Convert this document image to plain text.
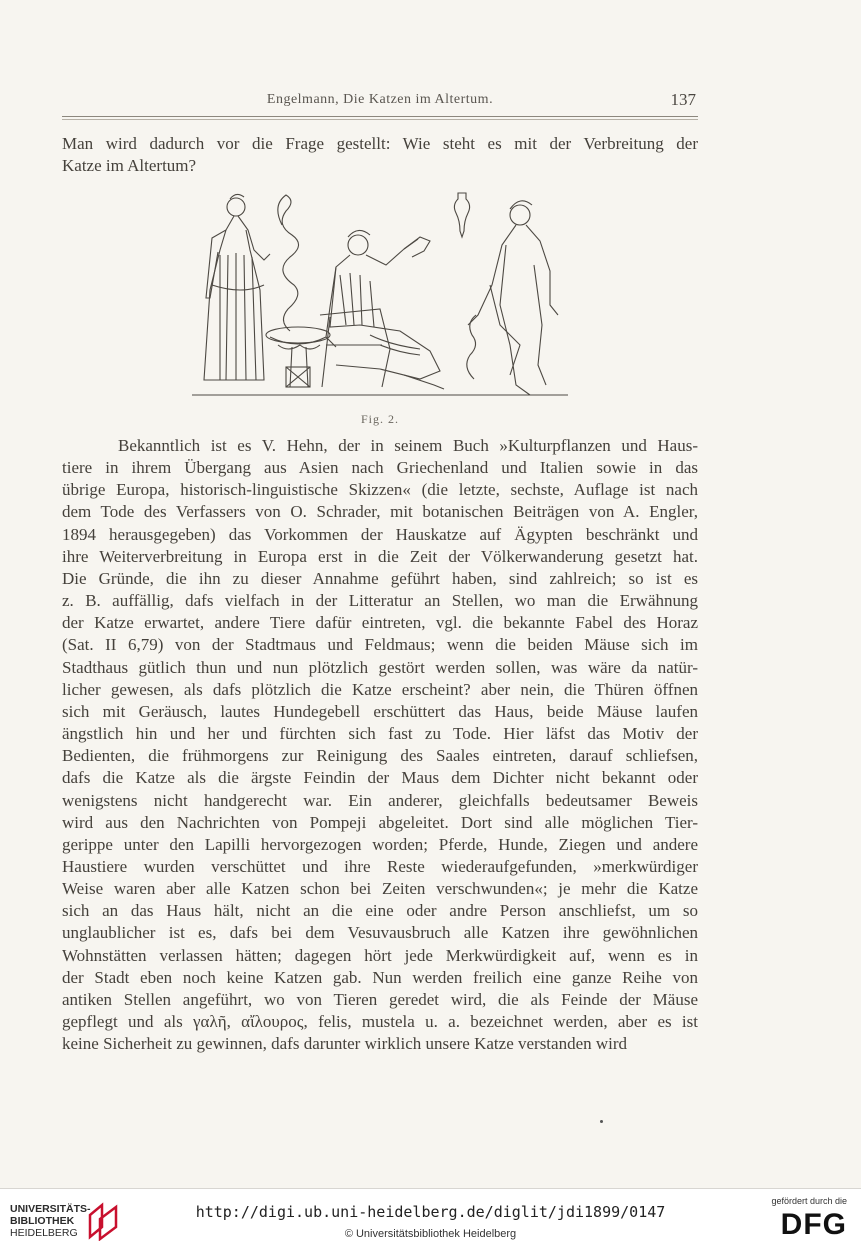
Engelmann, Die Katzen im Altertum.	137
Man wird dadurch vor die Frage gestellt: Wie steht es mit der Verbreitung der
Katze im Altertum?
Fig. 2.
Bekanntlich ist es V. Hehn, der in seinem Buch »Kulturpflanzen und Haus-
tiere in ihrem Übergang aus Asien nach Griechenland und Italien sowie in das
übrige Europa, historisch-linguistische Skizzen« (die letzte, sechste, Auflage ist nach
dem Tode des Verfassers von O. Schrader, mit botanischen Beiträgen von A. Engler,
1894 herausgegeben) das Vorkommen der Hauskatze auf Ägypten beschränkt und
ihre Weiterverbreitung in Europa erst in die Zeit der Völkerwanderung gesetzt hat.
Die Gründe, die ihn zu dieser Annahme geführt haben, sind zahlreich; so ist es
z. B. auffällig, dafs vielfach in der Litteratur an Stellen, wo man die Erwähnung
der Katze erwartet, andere Tiere dafür eintreten, vgl. die bekannte Fabel des Horaz
(Sat. II 6,79) von der Stadtmaus und Feldmaus; wenn die beiden Mäuse sich im
Stadthaus gütlich thun und nun plötzlich gestört werden sollen, was wäre da natür-
licher gewesen, als dafs plötzlich die Katze erscheint? aber nein, die Thüren öffnen
sich mit Geräusch, lautes Hundegebell erschüttert das Haus, beide Mäuse laufen
ängstlich hin und her und fürchten sich fast zu Tode. Hier läfst das Motiv der
Bedienten, die frühmorgens zur Reinigung des Saales eintreten, darauf schliefsen,
dafs die Katze als die ärgste Feindin der Maus dem Dichter nicht bekannt oder
wenigstens nicht handgerecht war. Ein anderer, gleichfalls bedeutsamer Beweis
wird aus den Nachrichten von Pompeji abgeleitet. Dort sind alle möglichen Tier-
gerippe unter den Lapilli hervorgezogen worden; Pferde, Hunde, Ziegen und andere
Haustiere wurden verschüttet und ihre Reste wiederaufgefunden, »merkwürdiger
Weise waren aber alle Katzen schon bei Zeiten verschwunden«; je mehr die Katze
sich an das Haus hält, nicht an die eine oder andre Person anschliefst, um so
unglaublicher ist es, dafs bei dem Vesuvausbruch alle Katzen ihre gewöhnlichen
Wohnstätten verlassen hätten; dagegen hört jede Merkwürdigkeit auf, wenn es in
der Stadt eben noch keine Katzen gab. Nun werden freilich eine ganze Reihe von
antiken Stellen angeführt, wo von Tieren geredet wird, die als Feinde der Mäuse
gepflegt und als γαλῆ, αἴλουρος, felis, mustela u. a. bezeichnet werden, aber es ist
keine Sicherheit zu gewinnen, dafs darunter wirklich unsere Katze verstanden wird
UNIVERSITÄTS-
BIBLIOTHEK
HEIDELBERG
http://digi.ub.uni-heidelberg.de/diglit/jdi1899/0147
© Universitätsbibliothek Heidelberg
gefördert durch die
DFG
